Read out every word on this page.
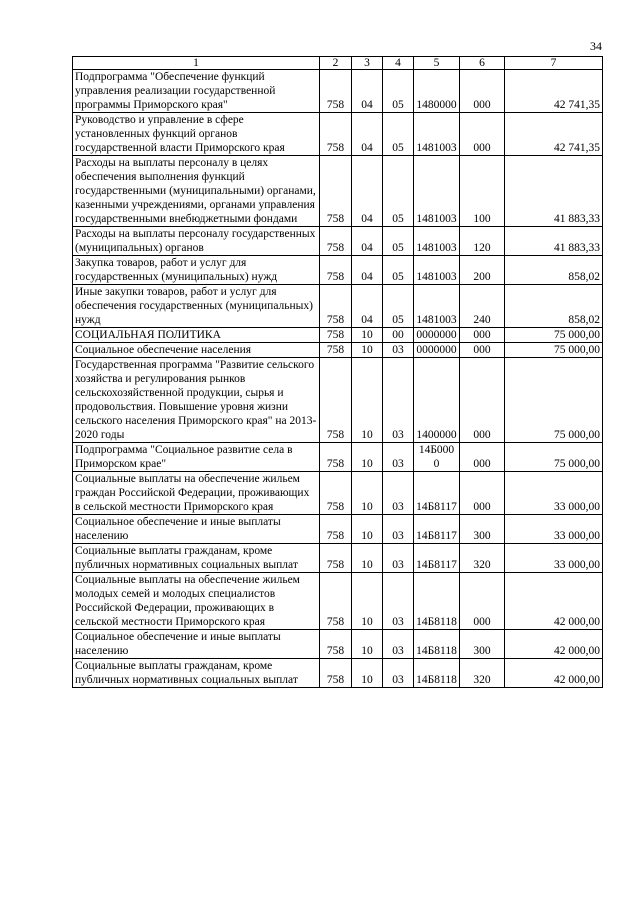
34
1	2	3	4	5	6	7
Подпрограмма "Обеспечение функций управления реализации государственной программы Приморского края"	758	04	05	1480000	000	42 741,35
Руководство и управление в сфере установленных функций органов государственной власти Приморского края	758	04	05	1481003	000	42 741,35
Расходы на выплаты персоналу в целях обеспечения выполнения функций государственными (муниципальными) органами, казенными учреждениями, органами управления государственными внебюджетными фондами	758	04	05	1481003	100	41 883,33
Расходы на выплаты персоналу государственных (муниципальных) органов	758	04	05	1481003	120	41 883,33
Закупка товаров, работ и услуг для государственных (муниципальных) нужд	758	04	05	1481003	200	858,02
Иные закупки товаров, работ и услуг для обеспечения государственных (муниципальных) нужд	758	04	05	1481003	240	858,02
СОЦИАЛЬНАЯ ПОЛИТИКА	758	10	00	0000000	000	75 000,00
Социальное обеспечение населения	758	10	03	0000000	000	75 000,00
Государственная программа "Развитие сельского хозяйства и регулирования рынков сельскохозяйственной продукции, сырья и продовольствия. Повышение уровня жизни сельского населения Приморского края" на 2013-2020 годы	758	10	03	1400000	000	75 000,00
Подпрограмма "Социальное развитие села в Приморском крае"	758	10	03	14Б0000	000	75 000,00
Социальные выплаты на обеспечение жильем граждан Российской Федерации, проживающих в сельской местности Приморского края	758	10	03	14Б8117	000	33 000,00
Социальное обеспечение и иные выплаты населению	758	10	03	14Б8117	300	33 000,00
Социальные выплаты гражданам, кроме публичных нормативных социальных выплат	758	10	03	14Б8117	320	33 000,00
Социальные выплаты на обеспечение жильем молодых семей и молодых специалистов Российской Федерации, проживающих в сельской местности Приморского края	758	10	03	14Б8118	000	42 000,00
Социальное обеспечение и иные выплаты населению	758	10	03	14Б8118	300	42 000,00
Социальные выплаты гражданам, кроме публичных нормативных социальных выплат	758	10	03	14Б8118	320	42 000,00
